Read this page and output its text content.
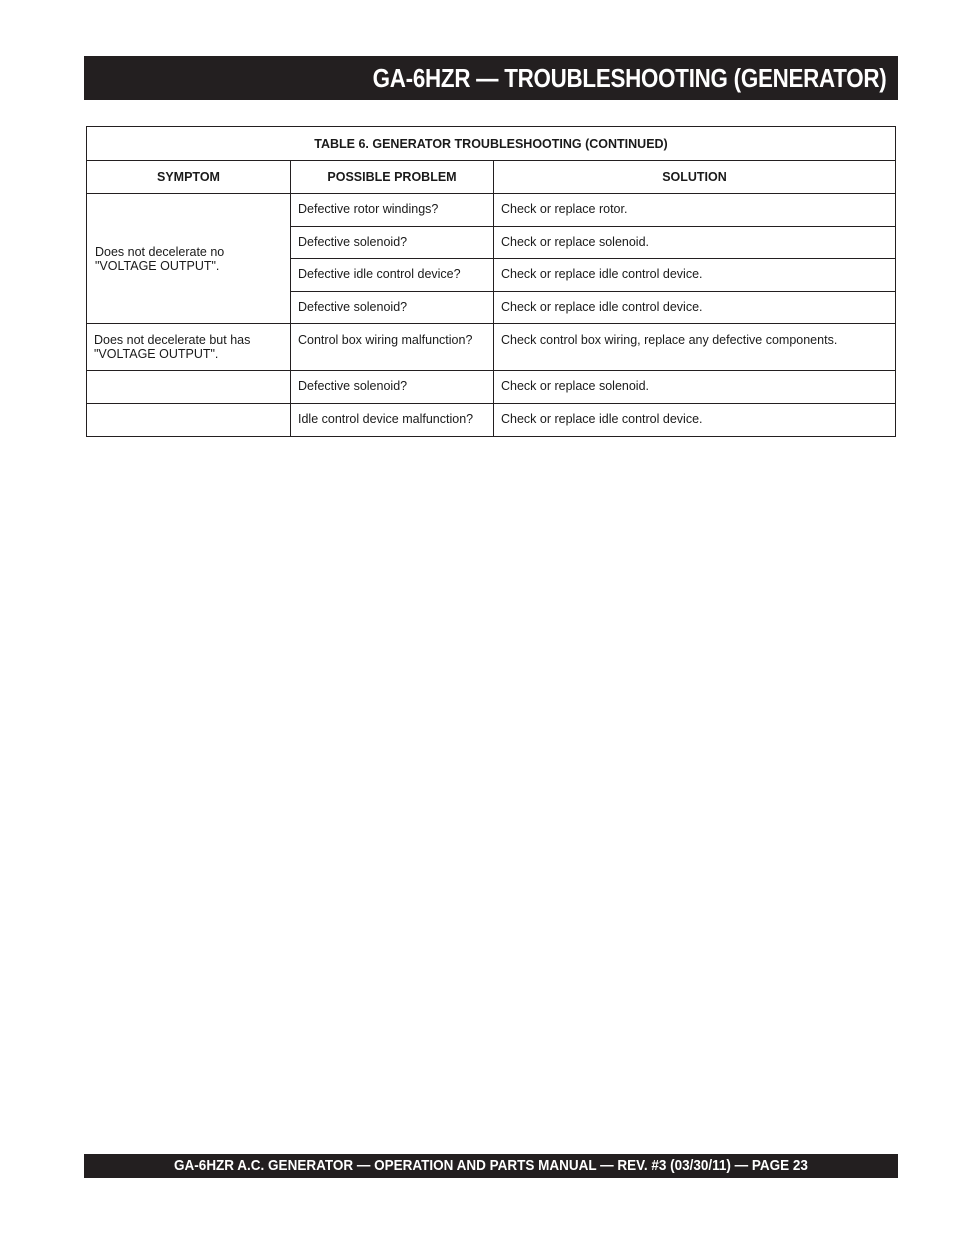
GA-6HZR — TROUBLESHOOTING (GENERATOR)
TABLE 6. GENERATOR TROUBLESHOOTING (CONTINUED)		
SYMPTOM	POSSIBLE PROBLEM	SOLUTION
Does not decelerate no "VOLTAGE OUTPUT".	Defective rotor windings?	Check or replace rotor.
	Defective solenoid?	Check or replace solenoid.
	Defective idle control device?	Check or replace idle control device.
	Defective solenoid?	Check or replace idle control device.
Does not decelerate but has "VOLTAGE OUTPUT".	Control box wiring malfunction?	Check control box wiring, replace any defective components.
	Defective solenoid?	Check or replace solenoid.
	Idle control device malfunction?	Check or replace idle control device.
GA-6HZR A.C. GENERATOR — OPERATION AND PARTS MANUAL — REV. #3 (03/30/11) — PAGE 23
